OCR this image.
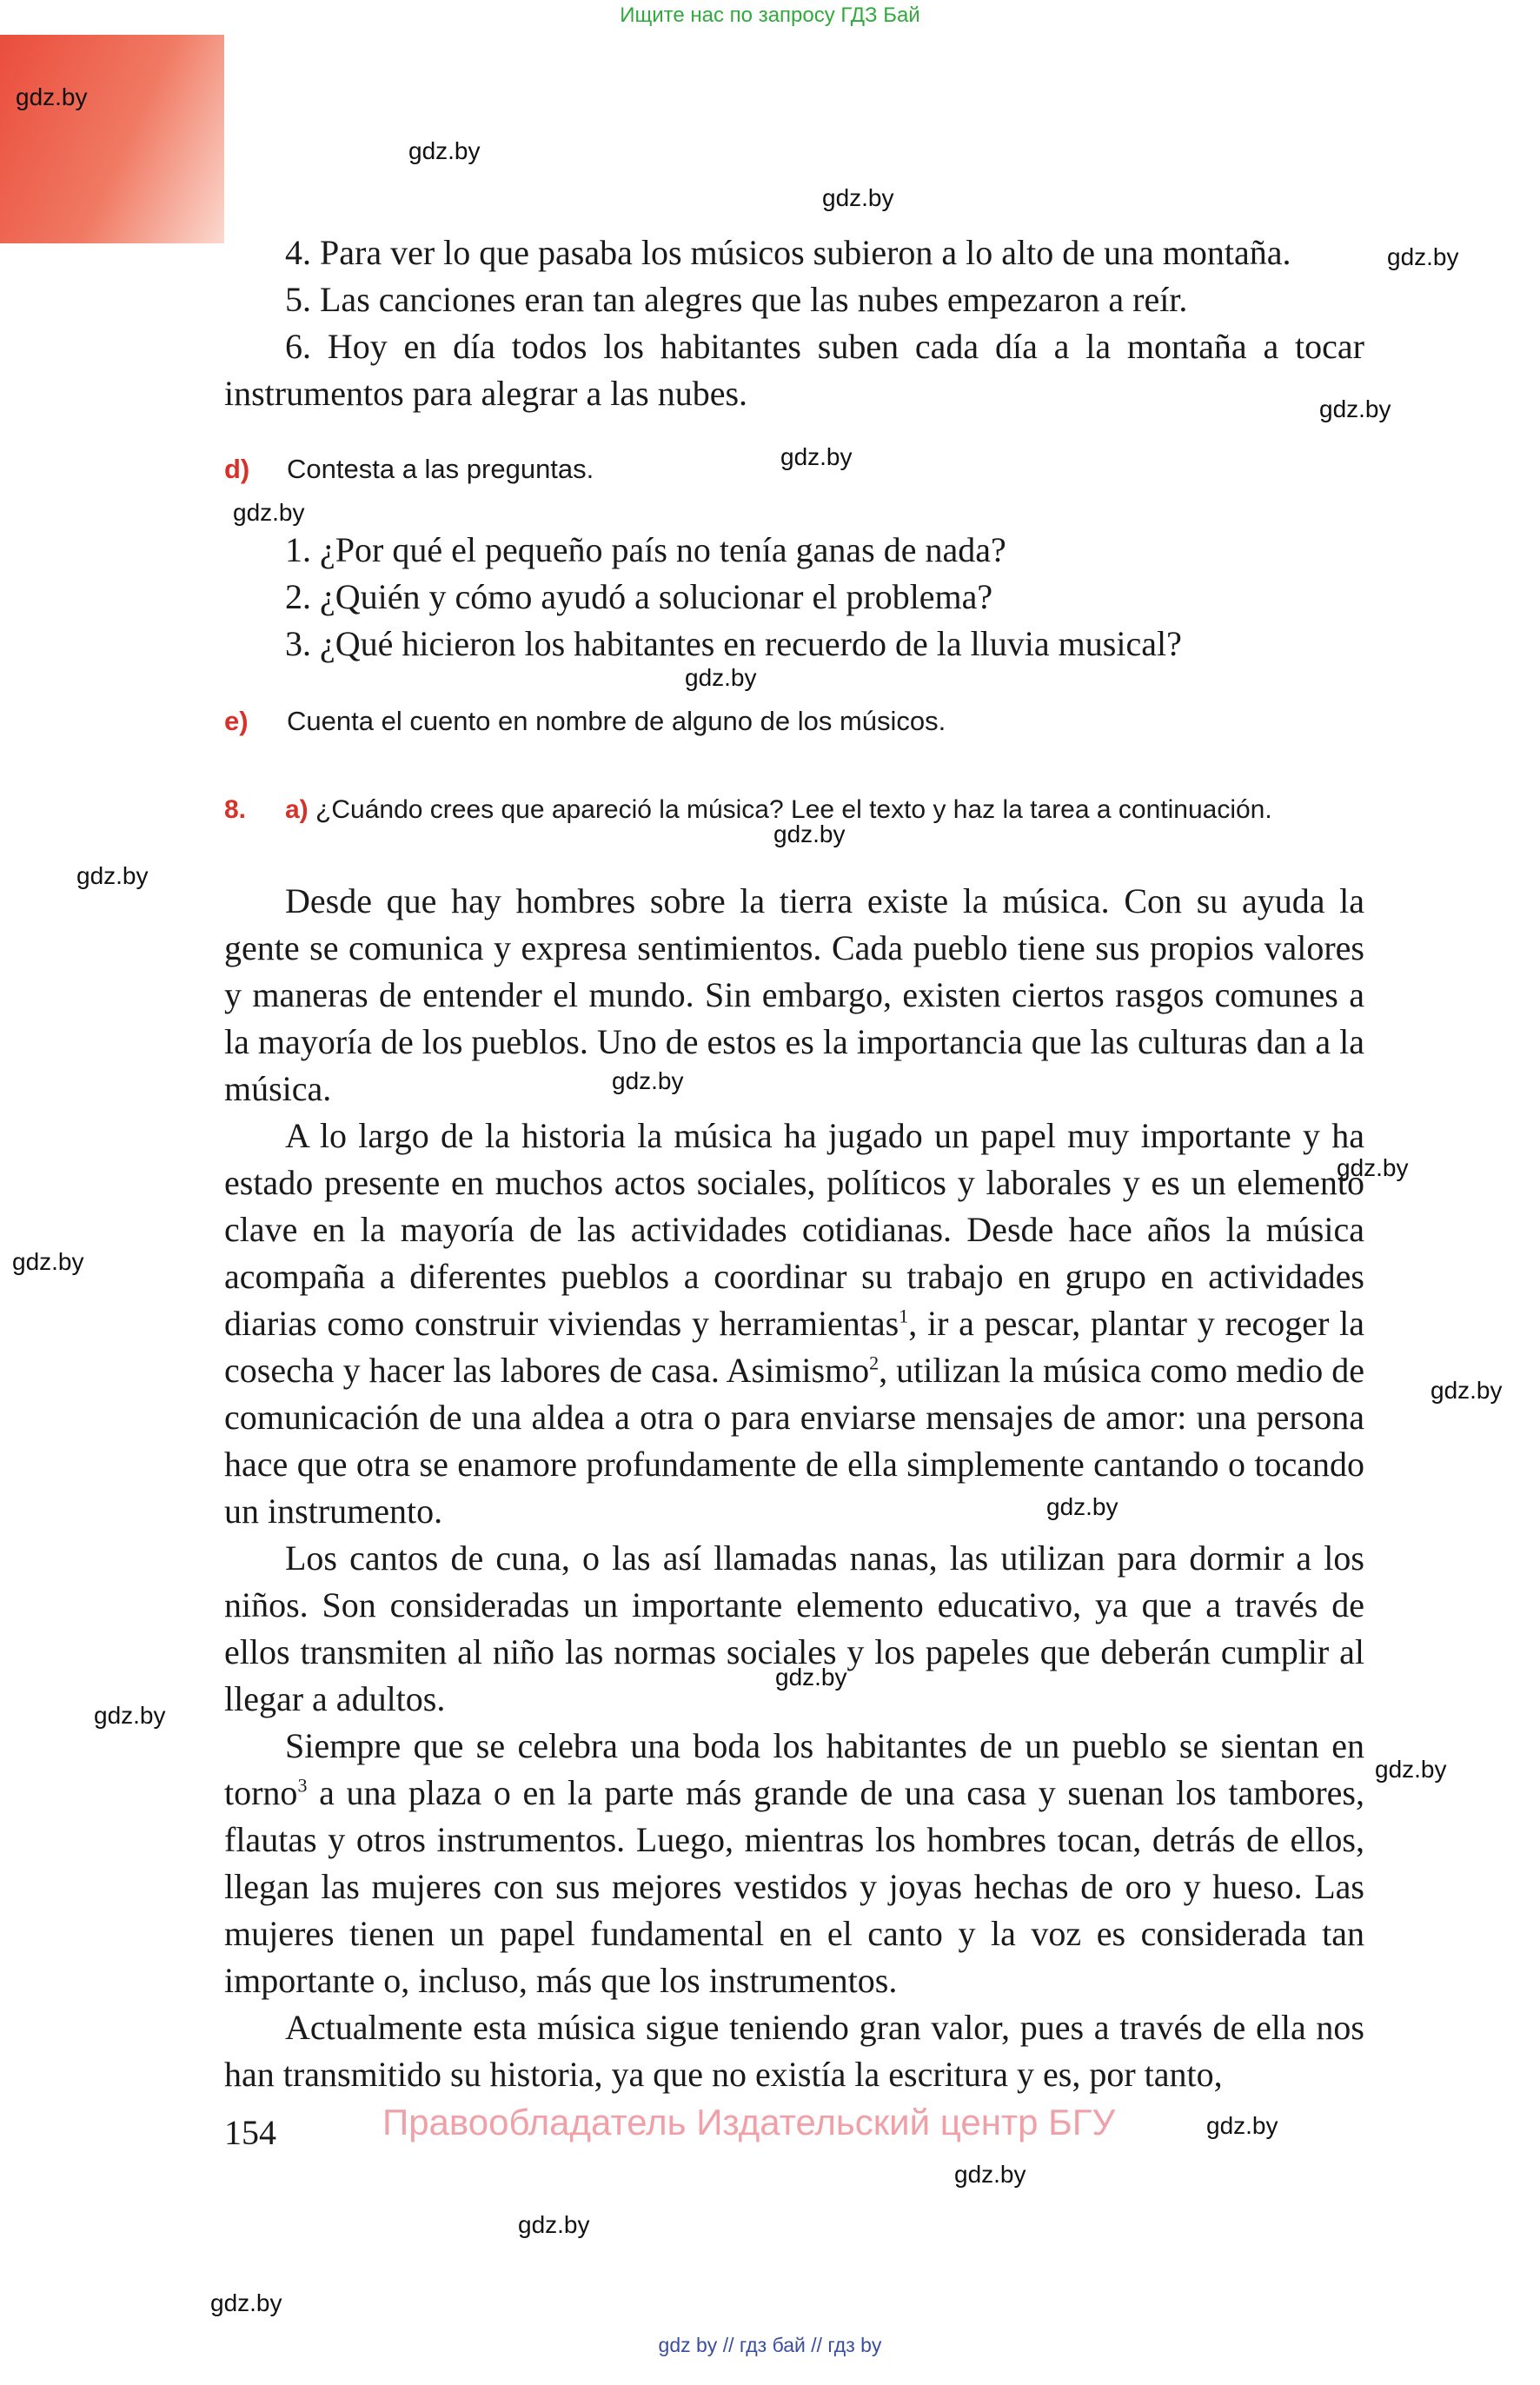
Ищите нас по запросу ГДЗ Бай
gdz.by
gdz.by
gdz.by
gdz.by
gdz.by
gdz.by
gdz.by
gdz.by
gdz.by
gdz.by
gdz.by
gdz.by
gdz.by
gdz.by
gdz.by
gdz.by
gdz.by
gdz.by
gdz.by
gdz.by
gdz.by
gdz.by

4. Para ver lo que pasaba los músicos subieron a lo alto de una montaña.

5. Las canciones eran tan alegres que las nubes empezaron a reír.

6. Hoy en día todos los habitantes suben cada día a la montaña a tocar instrumentos para alegrar a las nubes.

d) Contesta a las preguntas.

1. ¿Por qué el pequeño país no tenía ganas de nada?

2. ¿Quién y cómo ayudó a solucionar el problema?

3. ¿Qué hicieron los habitantes en recuerdo de la lluvia musical?

e) Cuenta el cuento en nombre de alguno de los músicos.

8. a) ¿Cuándo crees que apareció la música? Lee el texto y haz la tarea a continuación.

Desde que hay hombres sobre la tierra existe la música. Con su ayuda la gente se comunica y expresa sentimientos. Cada pueblo tiene sus propios valores y maneras de entender el mundo. Sin embargo, existen ciertos rasgos comunes a la mayoría de los pueblos. Uno de estos es la importancia que las culturas dan a la música.

A lo largo de la historia la música ha jugado un papel muy importante y ha estado presente en muchos actos sociales, políticos y laborales y es un elemento clave en la mayoría de las actividades cotidianas. Desde hace años la música acompaña a diferentes pueblos a coordinar su trabajo en grupo en actividades diarias como construir viviendas y herramientas$^1$, ir a pescar, plantar y recoger la cosecha y hacer las labores de casa. Asimismo$^2$, utilizan la música como medio de comunicación de una aldea a otra o para enviarse mensajes de amor: una persona hace que otra se enamore profundamente de ella simplemente cantando o tocando un instrumento.

Los cantos de cuna, o las así llamadas nanas, las utilizan para dormir a los niños. Son consideradas un importante elemento educativo, ya que a través de ellos transmiten al niño las normas sociales y los papeles que deberán cumplir al llegar a adultos.

Siempre que se celebra una boda los habitantes de un pueblo se sientan en torno$^3$ a una plaza o en la parte más grande de una casa y suenan los tambores, flautas y otros instrumentos. Luego, mientras los hombres tocan, detrás de ellos, llegan las mujeres con sus mejores vestidos y joyas hechas de oro y hueso. Las mujeres tienen un papel fundamental en el canto y la voz es considerada tan importante o, incluso, más que los instrumentos.

Actualmente esta música sigue teniendo gran valor, pues a través de ella nos han transmitido su historia, ya que no existía la escritura y es, por tanto,

154	Правообладатель Издательский центр БГУ
gdz by // гдз бай // гдз by
